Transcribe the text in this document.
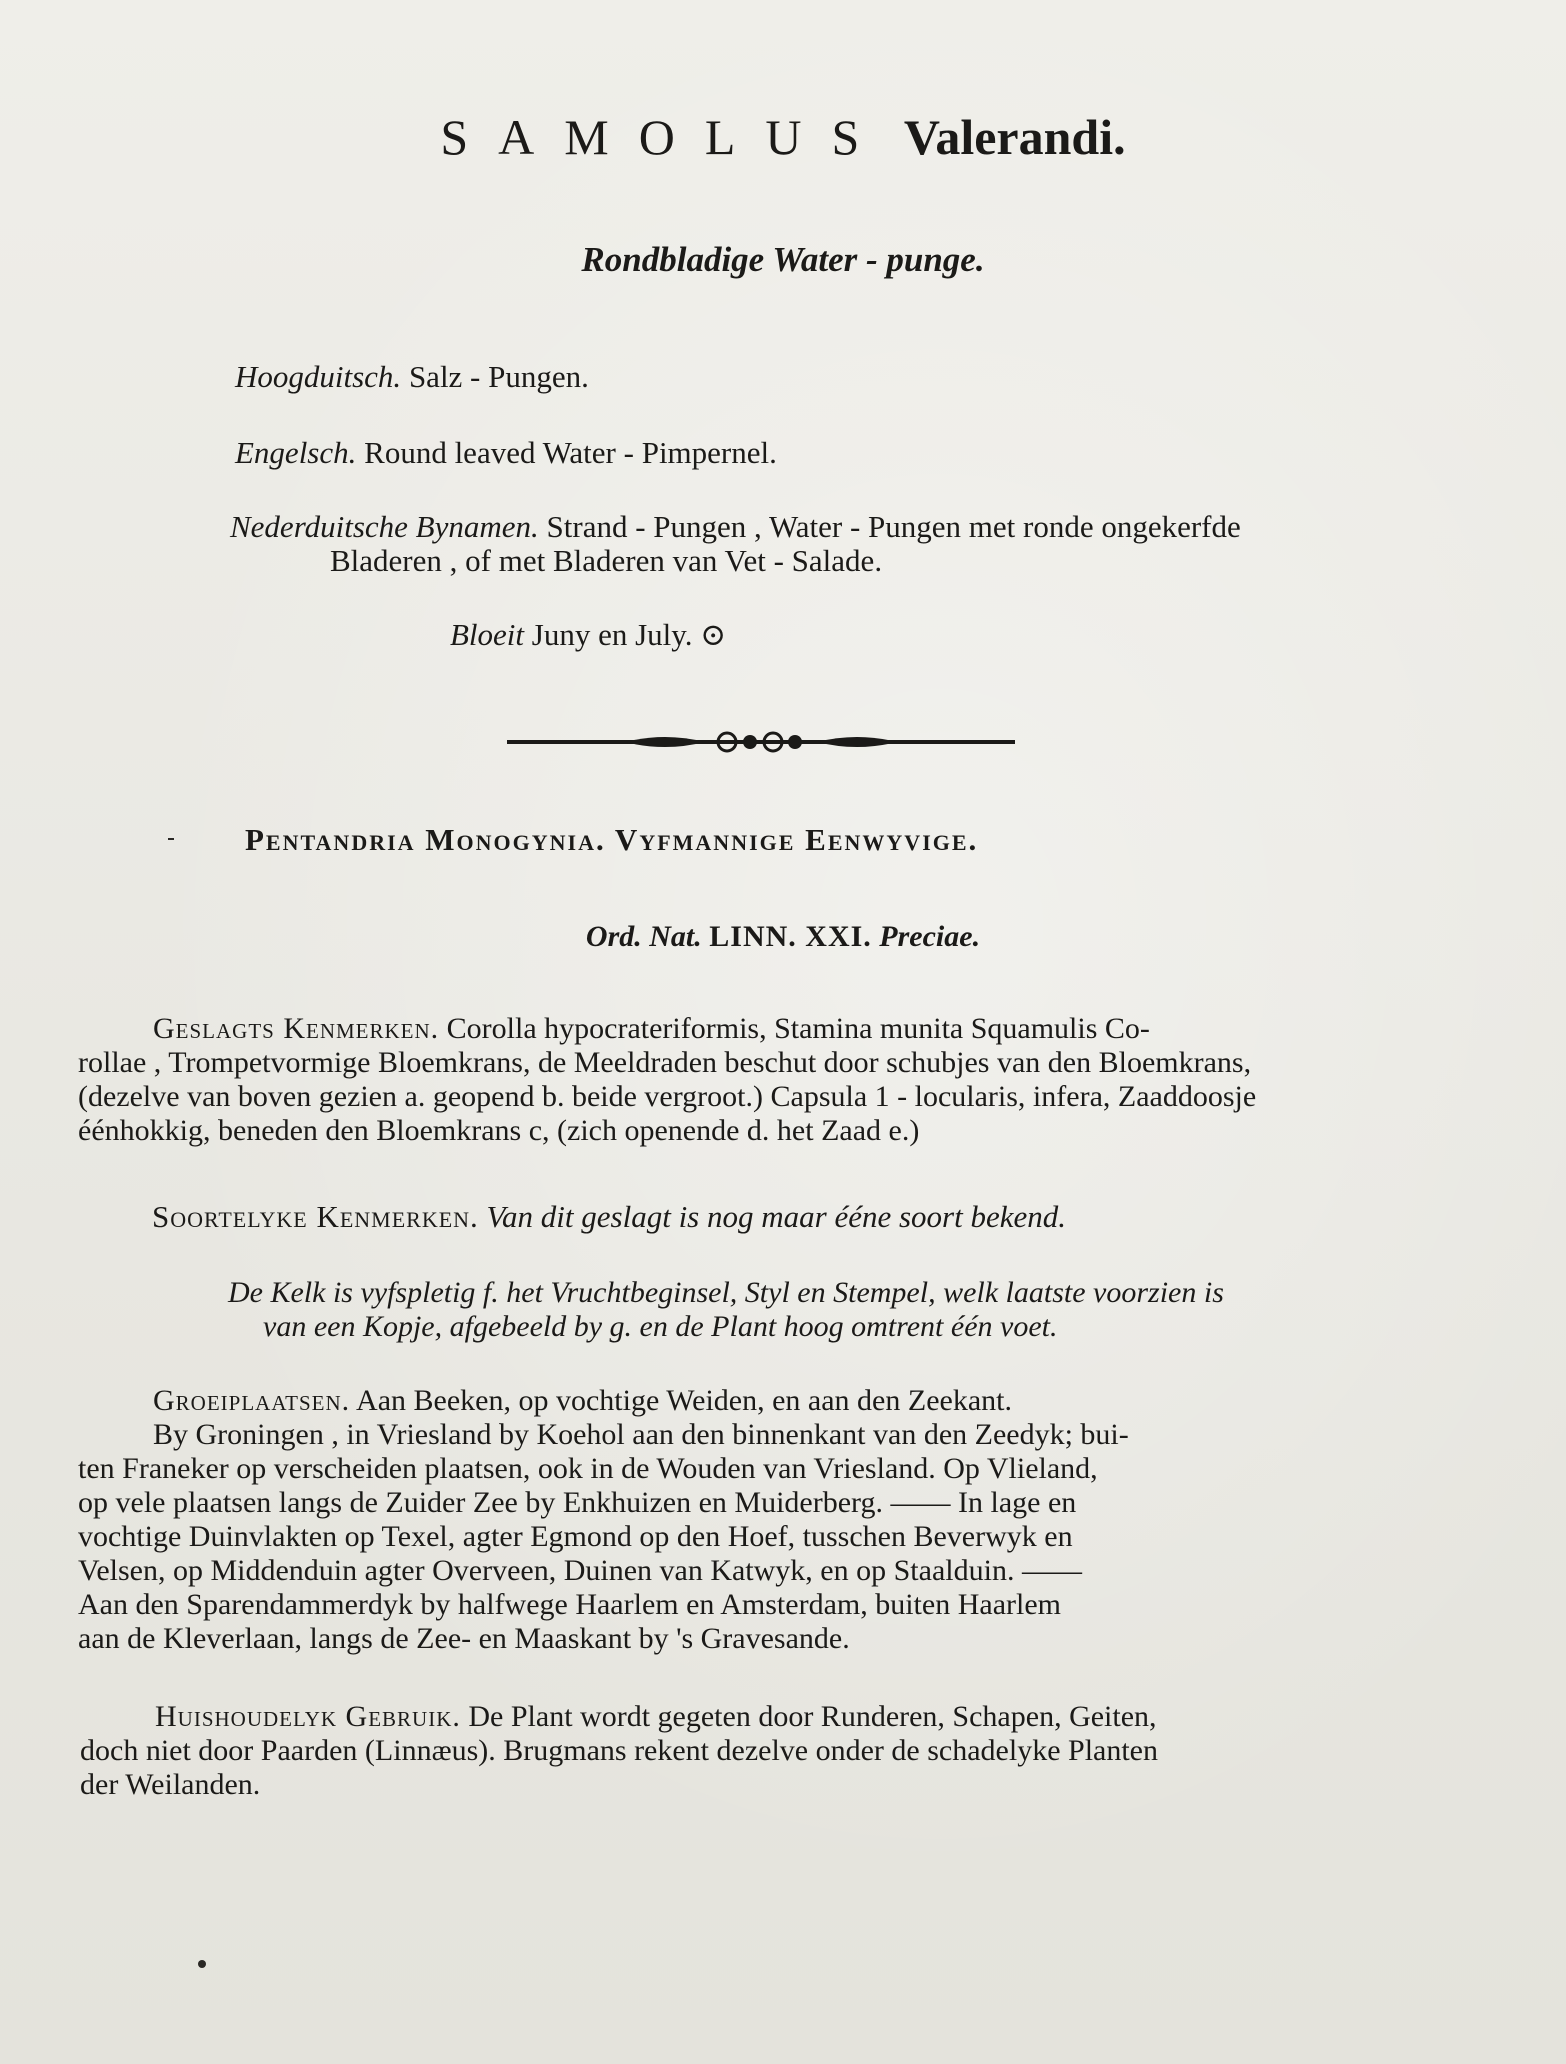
SAMOLUS Valerandi.
Rondbladige Water - punge.
Hoogduitsch. Salz - Pungen.
Engelsch. Round leaved Water - Pimpernel.
Nederduitsche Bynamen. Strand - Pungen , Water - Pungen met ronde ongekerfde
Bladeren , of met Bladeren van Vet - Salade.
Bloeit Juny en July. ⊙
Pentandria Monogynia. Vyfmannige Eenwyvige.
Ord. Nat. LINN. XXI. Preciae.

Geslagts Kenmerken. Corolla hypocrateriformis, Stamina munita Squamulis Co-

rollae , Trompetvormige Bloemkrans, de Meeldraden beschut door schubjes van den Bloemkrans,

(dezelve van boven gezien a. geopend b. beide vergroot.) Capsula 1 - locularis, infera, Zaaddoosje

éénhokkig, beneden den Bloemkrans c, (zich openende d. het Zaad e.)

Soortelyke Kenmerken. Van dit geslagt is nog maar ééne soort bekend.

De Kelk is vyfspletig f. het Vruchtbeginsel, Styl en Stempel, welk laatste voorzien is

van een Kopje, afgebeeld by g. en de Plant hoog omtrent één voet.

Groeiplaatsen. Aan Beeken, op vochtige Weiden, en aan den Zeekant.

By Groningen , in Vriesland by Koehol aan den binnenkant van den Zeedyk; bui-

ten Franeker op verscheiden plaatsen, ook in de Wouden van Vriesland. Op Vlieland,

op vele plaatsen langs de Zuider Zee by Enkhuizen en Muiderberg. —— In lage en

vochtige Duinvlakten op Texel, agter Egmond op den Hoef, tusschen Beverwyk en

Velsen, op Middenduin agter Overveen, Duinen van Katwyk, en op Staalduin. ——

Aan den Sparendammerdyk by halfwege Haarlem en Amsterdam, buiten Haarlem

aan de Kleverlaan, langs de Zee- en Maaskant by 's Gravesande.

Huishoudelyk Gebruik. De Plant wordt gegeten door Runderen, Schapen, Geiten,

doch niet door Paarden (Linnæus). Brugmans rekent dezelve onder de schadelyke Planten

der Weilanden.
